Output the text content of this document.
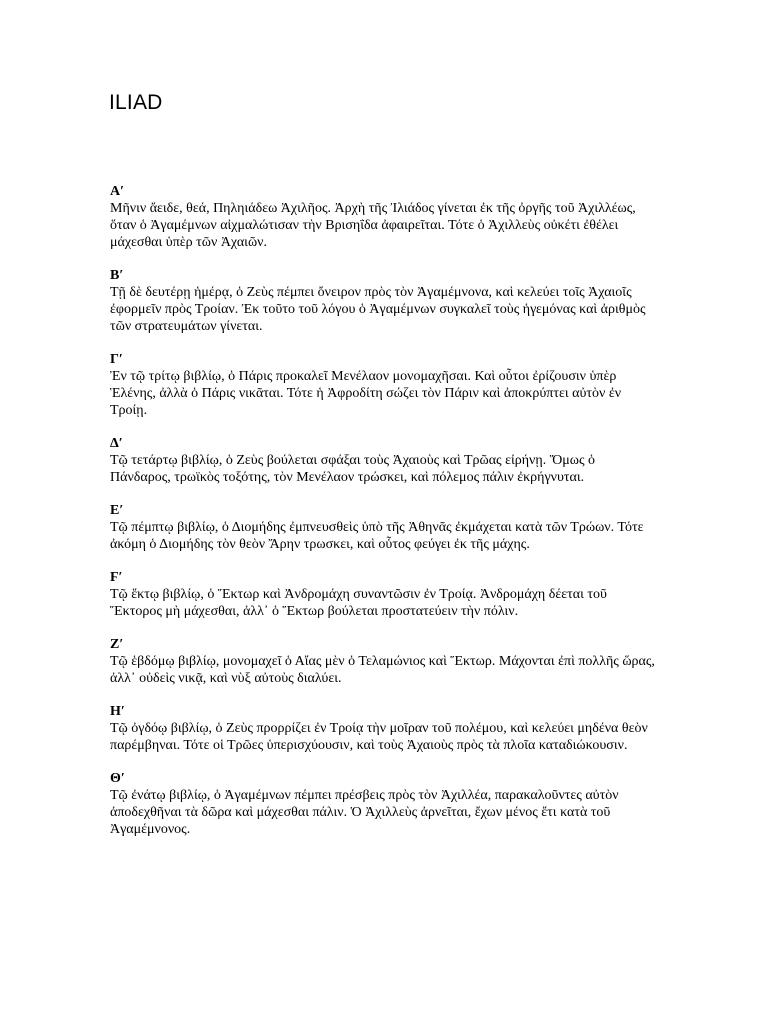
ILIAD
Α′

Μῆνιν ἄειδε, θεά, Πηληιάδεω Ἀχιλῆος. Ἀρχὴ τῆς Ἰλιάδος γίνεται ἐκ τῆς ὀργῆς τοῦ Ἀχιλλέως, ὅταν ὁ Ἀγαμέμνων αἰχμαλώτισαν τὴν Βρισηΐδα ἀφαιρεῖται. Τότε ὁ Ἀχιλλεὺς οὐκέτι ἐθέλει μάχεσθαι ὑπὲρ τῶν Ἀχαιῶν.

Β′

Τῇ δὲ δευτέρῃ ἡμέρᾳ, ὁ Ζεὺς πέμπει ὄνειρον πρὸς τὸν Ἀγαμέμνονα, καὶ κελεύει τοῖς Ἀχαιοῖς ἐφορμεῖν πρὸς Τροίαν. Ἐκ τοῦτο τοῦ λόγου ὁ Ἀγαμέμνων συγκαλεῖ τοὺς ἡγεμόνας καὶ ἀριθμὸς τῶν στρατευμάτων γίνεται.

Γ′

Ἐν τῷ τρίτῳ βιβλίῳ, ὁ Πάρις προκαλεῖ Μενέλαον μονομαχῆσαι. Καὶ οὗτοι ἐρίζουσιν ὑπὲρ Ἑλένης, ἀλλὰ ὁ Πάρις νικᾶται. Τότε ἡ Ἀφροδίτη σώζει τὸν Πάριν καὶ ἀποκρύπτει αὐτὸν ἐν Τροίῃ.

Δ′

Τῷ τετάρτῳ βιβλίῳ, ὁ Ζεὺς βούλεται σφάξαι τοὺς Ἀχαιοὺς καὶ Τρῶας εἰρήνῃ. Ὅμως ὁ Πάνδαρος, τρωϊκὸς τοξότης, τὸν Μενέλαον τρώσκει, καὶ πόλεμος πάλιν ἐκρήγνυται.

Ε′

Τῷ πέμπτῳ βιβλίῳ, ὁ Διομήδης ἐμπνευσθεὶς ὑπὸ τῆς Ἀθηνᾶς ἐκμάχεται κατὰ τῶν Τρώων. Τότε ἀκόμη ὁ Διομήδης τὸν θεὸν Ἄρην τρωσκει, καὶ οὗτος φεύγει ἐκ τῆς μάχης.

Ϝ′

Τῷ ἕκτῳ βιβλίῳ, ὁ Ἕκτωρ καὶ Ἀνδρομάχη συναντῶσιν ἐν Τροίᾳ. Ἀνδρομάχη δέεται τοῦ Ἕκτορος μὴ μάχεσθαι, ἀλλ᾽ ὁ Ἕκτωρ βούλεται προστατεύειν τὴν πόλιν.

Ζ′

Τῷ ἑβδόμῳ βιβλίῳ, μονομαχεῖ ὁ Αἴας μὲν ὁ Τελαμώνιος καὶ Ἕκτωρ. Μάχονται ἐπὶ πολλῆς ὥρας, ἀλλ᾽ οὐδεὶς νικᾷ, καὶ νὺξ αὐτοὺς διαλύει.

Η′

Τῷ ὀγδόῳ βιβλίῳ, ὁ Ζεὺς προρρίζει ἐν Τροίᾳ τὴν μοῖραν τοῦ πολέμου, καὶ κελεύει μηδένα θεὸν παρέμβηναι. Τότε οἱ Τρῶες ὑπερισχύουσιν, καὶ τοὺς Ἀχαιοὺς πρὸς τὰ πλοῖα καταδιώκουσιν.

Θ′

Τῷ ἐνάτῳ βιβλίῳ, ὁ Ἀγαμέμνων πέμπει πρέσβεις πρὸς τὸν Ἀχιλλέα, παρακαλοῦντες αὐτὸν ἀποδεχθῆναι τὰ δῶρα καὶ μάχεσθαι πάλιν. Ὁ Ἀχιλλεὺς ἀρνεῖται, ἔχων μένος ἔτι κατὰ τοῦ Ἀγαμέμνονος.
